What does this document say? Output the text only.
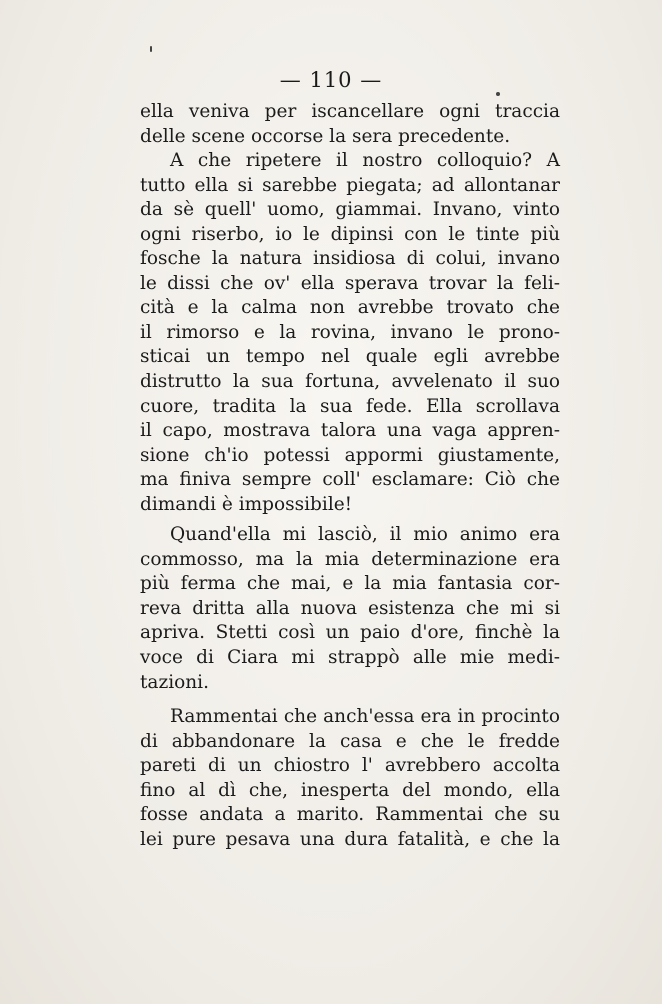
— 110 —
ella veniva per iscancellare ogni traccia
delle scene occorse la sera precedente.
A che ripetere il nostro colloquio? A
tutto ella si sarebbe piegata; ad allontanar
da sè quell' uomo, giammai. Invano, vinto
ogni riserbo, io le dipinsi con le tinte più
fosche la natura insidiosa di colui, invano
le dissi che ov' ella sperava trovar la feli-
cità e la calma non avrebbe trovato che
il rimorso e la rovina, invano le prono-
sticai un tempo nel quale egli avrebbe
distrutto la sua fortuna, avvelenato il suo
cuore, tradita la sua fede. Ella scrollava
il capo, mostrava talora una vaga appren-
sione ch'io potessi appormi giustamente,
ma finiva sempre coll' esclamare: Ciò che
dimandi è impossibile!
Quand'ella mi lasciò, il mio animo era
commosso, ma la mia determinazione era
più ferma che mai, e la mia fantasia cor-
reva dritta alla nuova esistenza che mi si
apriva. Stetti così un paio d'ore, finchè la
voce di Ciara mi strappò alle mie medi-
tazioni.
Rammentai che anch'essa era in procinto
di abbandonare la casa e che le fredde
pareti di un chiostro l' avrebbero accolta
fino al dì che, inesperta del mondo, ella
fosse andata a marito. Rammentai che su
lei pure pesava una dura fatalità, e che la
